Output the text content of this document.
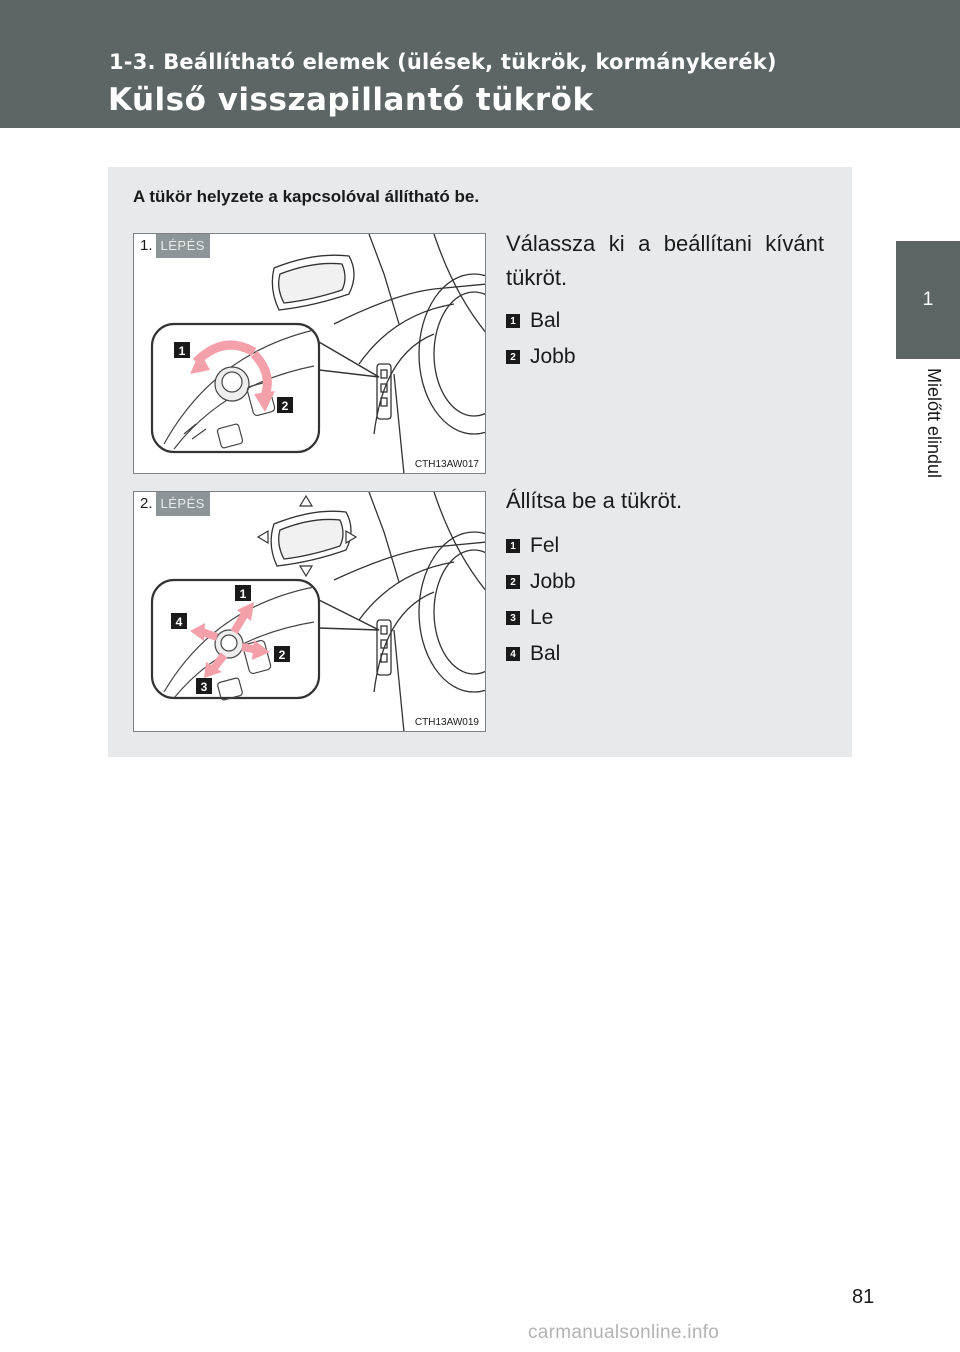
1-3. Beállítható elemek (ülések, tükrök, kormánykerék)
Külső visszapillantó tükrök
1
Mielőtt elindul

A tükör helyzete a kapcsolóval állítható be.

1. LÉPÉS
1
2
CTH13AW017

Válassza ki a beállítani kívánt tükröt.

1 Bal
2 Jobb
2. LÉPÉS
1
2
3
4
CTH13AW019

Állítsa be a tükröt.

1 Fel
2 Jobb
3 Le
4 Bal
81
carmanualsonline.info
